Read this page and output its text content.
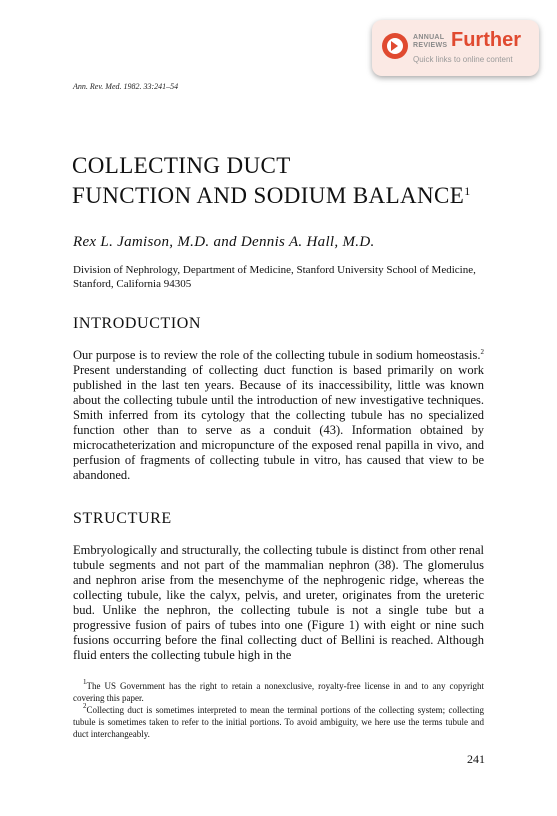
ANNUAL REVIEWS Further
Quick links to online content
Ann. Rev. Med. 1982. 33:241–54
COLLECTING DUCT
FUNCTION AND SODIUM BALANCE$^1$
Rex L. Jamison, M.D. and Dennis A. Hall, M.D.
Division of Nephrology, Department of Medicine, Stanford University School of Medicine, Stanford, California 94305
INTRODUCTION

Our purpose is to review the role of the collecting tubule in sodium homeostasis.$^2$ Present understanding of collecting duct function is based primarily on work published in the last ten years. Because of its inaccessibility, little was known about the collecting tubule until the introduction of new investigative techniques. Smith inferred from its cytology that the collecting tubule has no specialized function other than to serve as a conduit (43). Information obtained by microcatheterization and micropuncture of the exposed renal papilla in vivo, and perfusion of fragments of collecting tubule in vitro, has caused that view to be abandoned.

STRUCTURE

Embryologically and structurally, the collecting tubule is distinct from other renal tubule segments and not part of the mammalian nephron (38). The glomerulus and nephron arise from the mesenchyme of the nephrogenic ridge, whereas the collecting tubule, like the calyx, pelvis, and ureter, originates from the ureteric bud. Unlike the nephron, the collecting tubule is not a single tube but a progressive fusion of pairs of tubes into one (Figure 1) with eight or nine such fusions occurring before the final collecting duct of Bellini is reached. Although fluid enters the collecting tubule high in the

$^1$The US Government has the right to retain a nonexclusive, royalty-free license in and to any copyright covering this paper.

$^2$Collecting duct is sometimes interpreted to mean the terminal portions of the collecting system; collecting tubule is sometimes taken to refer to the initial portions. To avoid ambiguity, we here use the terms tubule and duct interchangeably.

241
